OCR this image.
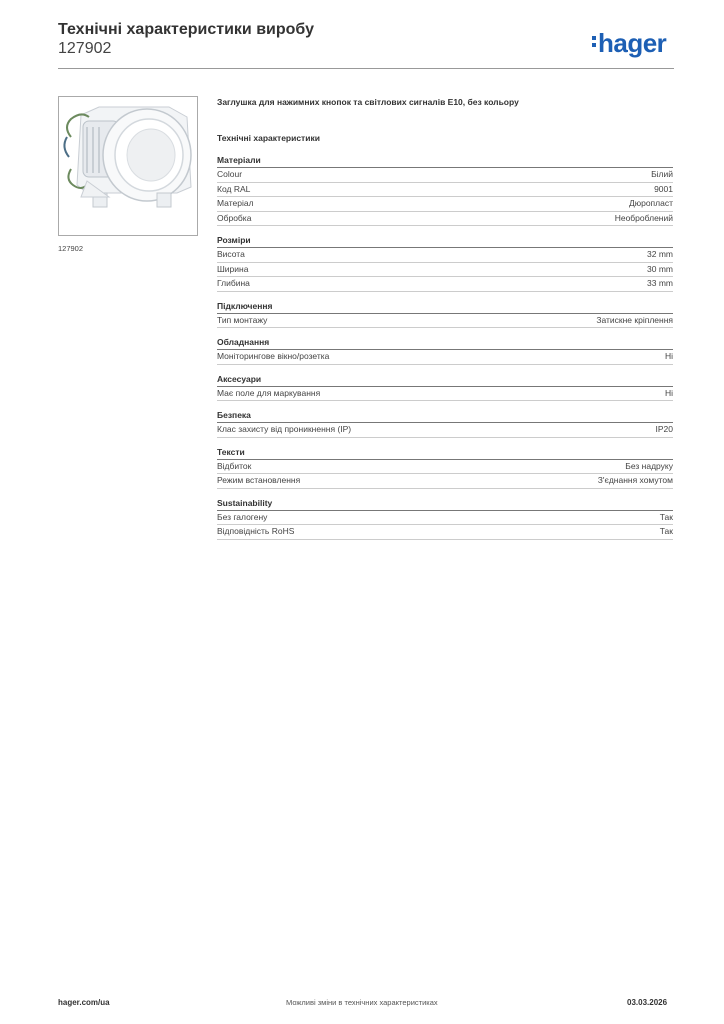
Технічні характеристики виробу
127902	hager
127902
Заглушка для нажимних кнопок та світлових сигналів Е10, без кольору
Технічні характеристики
Матеріали
Colour	Білий
Код RAL	9001
Матеріал	Дюропласт
Обробка	Необроблений
Розміри
Висота	32 mm
Ширина	30 mm
Глибина	33 mm
Підключення
Тип монтажу	Затискне кріплення
Обладнання
Моніторингове вікно/розетка	Ні
Аксесуари
Має поле для маркування	Ні
Безпека
Клас захисту від проникнення (IP)	IP20
Тексти
Відбиток	Без надруку
Режим встановлення	З'єднання хомутом
Sustainability
Без галогену	Так
Відповідність RoHS	Так
hager.com/ua	Можливі зміни в технічних характеристиках	03.03.2026
